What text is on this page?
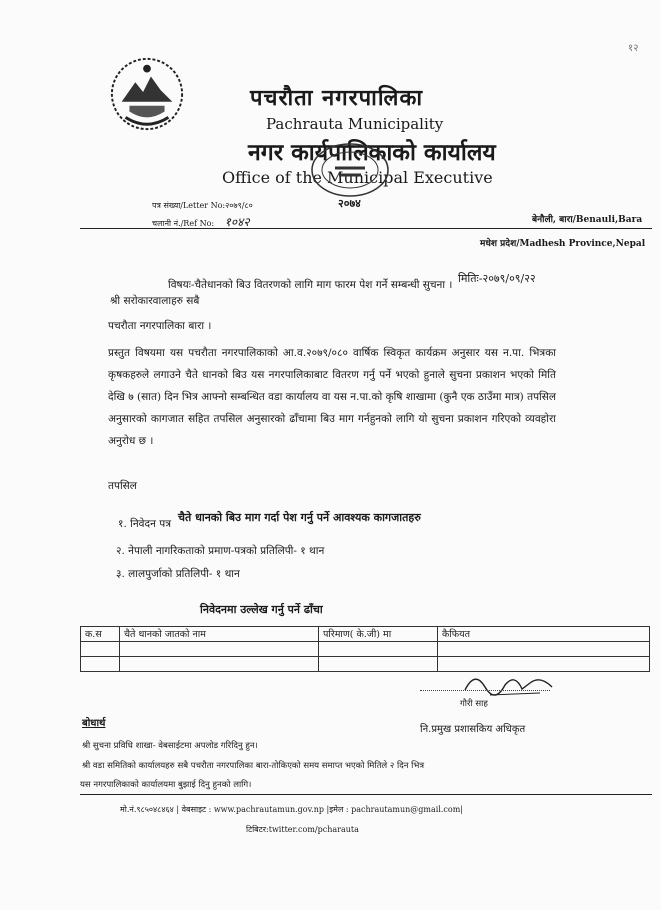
१२
पचरौता नगरपालिका
Pachrauta Municipality
नगर कार्यपालिकाको कार्यालय
Office of the Municipal Executive
२०७४
पत्र संख्या/Letter No:२०७९/८०
चलानी नं./Ref No: १०४२	बेनौली, बारा/Benauli,Bara
मधेश प्रदेश/Madhesh Province,Nepal
मितिः-२०७९/०९/२२
विषयः-चैतेधानको बिउ वितरणको लागि माग फारम पेश गर्ने सम्बन्धी सुचना ।
श्री सरोकारवालाहरु सबै
पचरौता नगरपालिका बारा ।
प्रस्तुत विषयमा यस पचरौता नगरपालिकाको आ.व.२०७९/०८० वार्षिक स्विकृत कार्यक्रम अनुसार यस न.पा. भित्रका कृषकहरुले लगाउने चैते धानको बिउ यस नगरपालिकाबाट वितरण गर्नु पर्ने भएको हुनाले सुचना प्रकाशन भएको मिति देखि ७ (सात) दिन भित्र आफ्नो सम्बन्धित वडा कार्यालय वा यस न.पा.को कृषि शाखामा (कुनै एक ठाउँमा मात्र) तपसिल अनुसारको कागजात सहित तपसिल अनुसारको ढाँचामा बिउ माग गर्नहुनको लागि यो सुचना प्रकाशन गरिएको व्यवहोरा अनुरोध छ ।
तपसिल
चैते धानको बिउ माग गर्दा पेश गर्नु पर्ने आवश्यक कागजातहरु
१. निवेदन पत्र
२. नेपाली नागरिकताको प्रमाण-पत्रको प्रतिलिपी- १ थान
३. लालपुर्जाको प्रतिलिपी- १ थान
निवेदनमा उल्लेख गर्नु पर्ने ढाँचा
क.स	चैते धानको जातको नाम	परिमाण( के.जी) मा	कैफियत

गौरी साह
नि.प्रमुख प्रशासकिय अधिकृत
बोधार्थ
श्री सुचना प्रविधि शाखा- वेबसाईटमा अपलोड गरिदिनु हुन।
श्री वडा समितिको कार्यालयहरु सबै पचरौता नगरपालिका बारा-तोकिएको समय समाप्त भएको मितिले २ दिन भित्र
यस नगरपालिकाको कार्यालयमा बुझाई दिनु हुनको लागि।
मो.नं.९८५०४८४६४ | वेबसाइट : www.pachrautamun.gov.np |इमेल : pachrautamun@gmail.com|
टिबिटर:twitter.com/pcharauta
